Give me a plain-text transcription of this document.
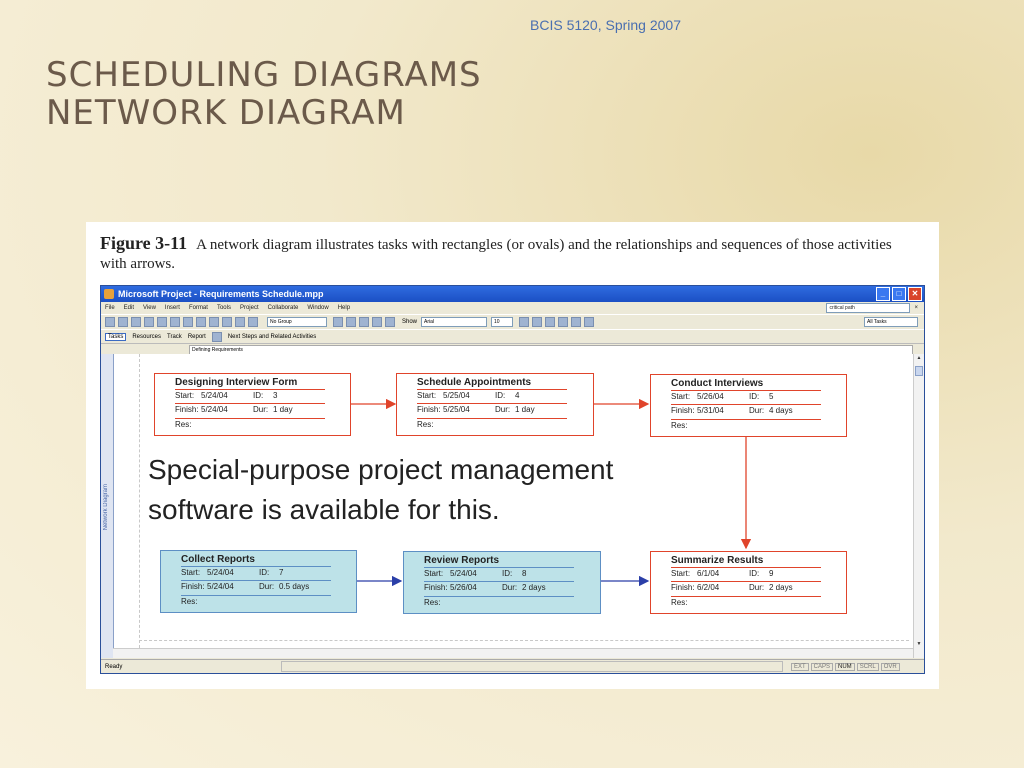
BCIS 5120, Spring 2007
SCHEDULING DIAGRAMS
NETWORK DIAGRAM
Figure 3-11 A network diagram illustrates tasks with rectangles (or ovals) and the relationships and sequences of those activities with arrows.
Microsoft Project - Requirements Schedule.mpp	_	□	✕
File Edit View Insert Format Tools Project Collaborate Window Help	critical path	×
No Group	Show	Arial	10	All Tasks
Tasks	Resources Track Report	Next Steps and Related Activities
Defining Requirements
Network Diagram
▲
▼
Ready	EXT	CAPS	NUM	SCRL	OVR
Designing Interview Form
Start: 5/24/04	ID: 3
Finish: 5/24/04	Dur: 1 day
Res:
Schedule Appointments
Start: 5/25/04	ID: 4
Finish: 5/25/04	Dur: 1 day
Res:
Conduct Interviews
Start: 5/26/04	ID: 5
Finish: 5/31/04	Dur: 4 days
Res:
Collect Reports
Start: 5/24/04	ID: 7
Finish: 5/24/04	Dur: 0.5 days
Res:
Review Reports
Start: 5/24/04	ID: 8
Finish: 5/26/04	Dur: 2 days
Res:
Summarize Results
Start: 6/1/04	ID: 9
Finish: 6/2/04	Dur: 2 days
Res:
Special-purpose project management
software is available for this.
